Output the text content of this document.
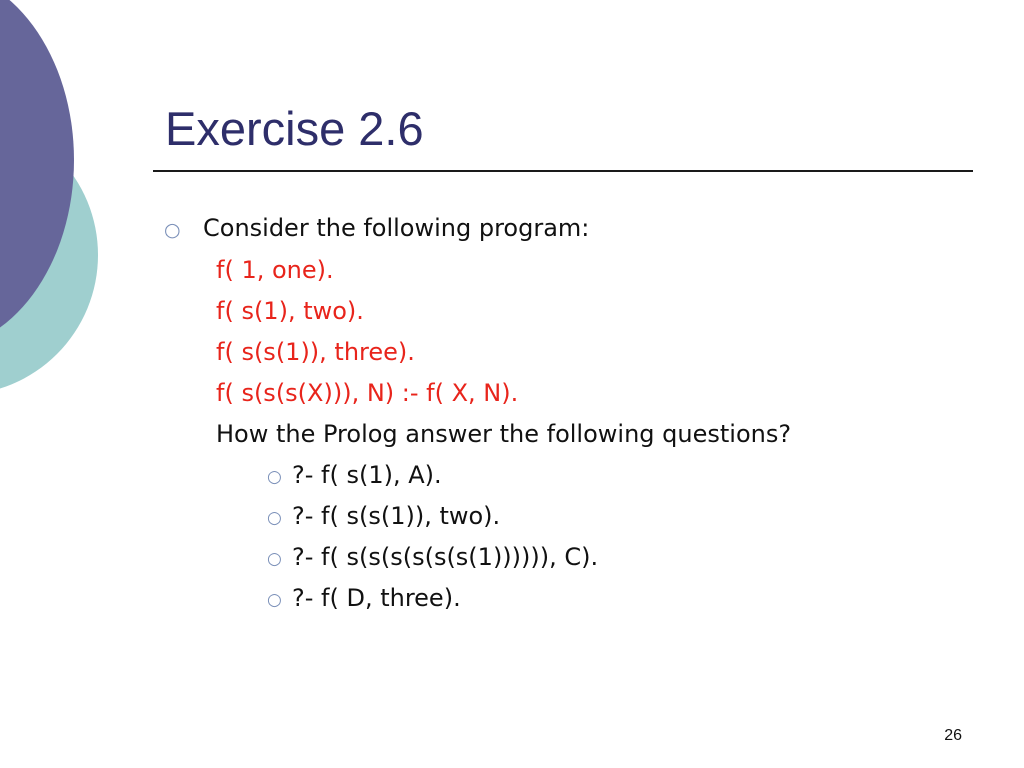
Exercise 2.6
○ Consider the following program:
f( 1, one).
f( s(1), two).
f( s(s(1)), three).
f( s(s(s(X))), N) :- f( X, N).
How the Prolog answer the following questions?
○ ?- f( s(1), A).
○ ?- f( s(s(1)), two).
○ ?- f( s(s(s(s(s(s(1)))))), C).
○ ?- f( D, three).
26
